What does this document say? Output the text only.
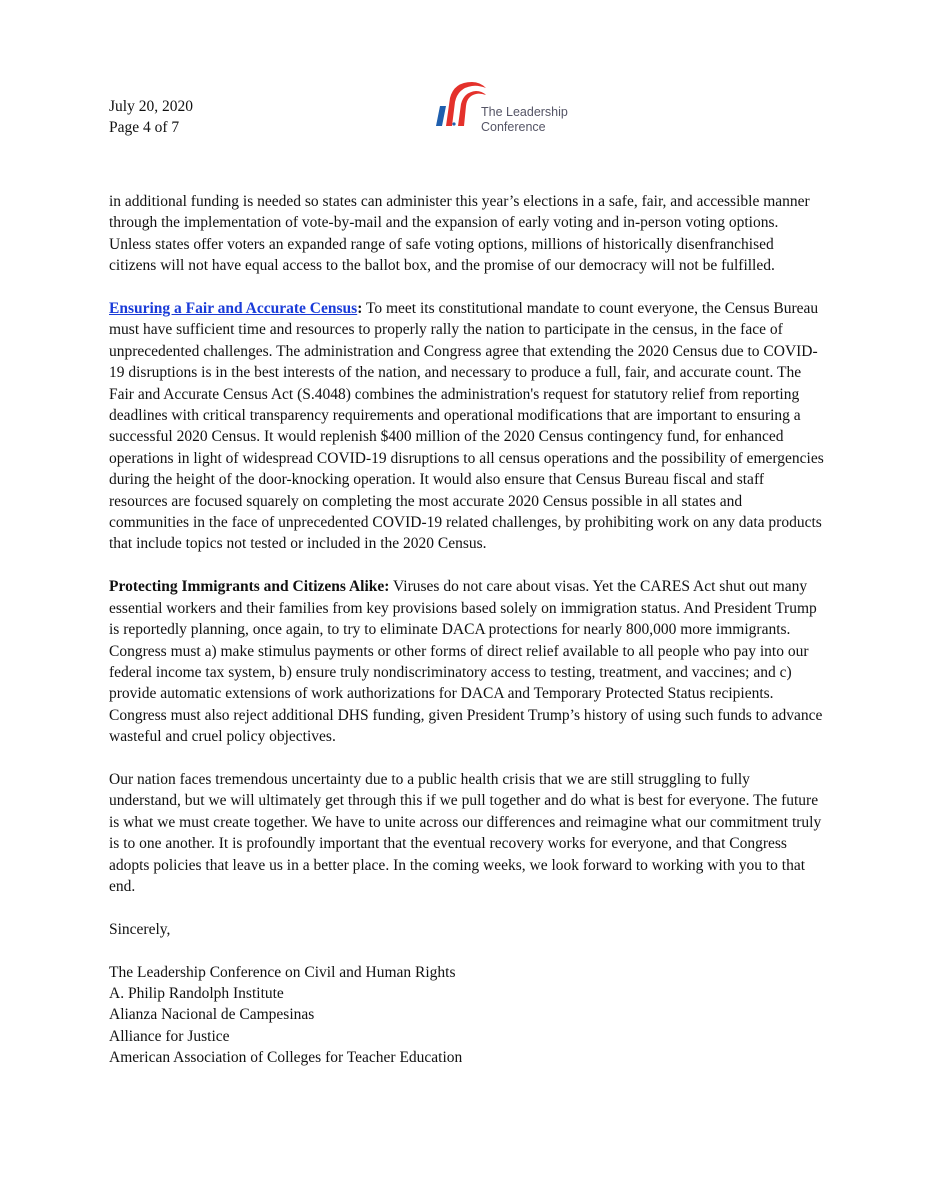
July 20, 2020
Page 4 of 7
The Leadership
Conference

in additional funding is needed so states can administer this year’s elections in a safe, fair, and accessible manner through the implementation of vote-by-mail and the expansion of early voting and in-person voting options. Unless states offer voters an expanded range of safe voting options, millions of historically disenfranchised citizens will not have equal access to the ballot box, and the promise of our democracy will not be fulfilled.

Ensuring a Fair and Accurate Census: To meet its constitutional mandate to count everyone, the Census Bureau must have sufficient time and resources to properly rally the nation to participate in the census, in the face of unprecedented challenges. The administration and Congress agree that extending the 2020 Census due to COVID-19 disruptions is in the best interests of the nation, and necessary to produce a full, fair, and accurate count. The Fair and Accurate Census Act (S.4048) combines the administration's request for statutory relief from reporting deadlines with critical transparency requirements and operational modifications that are important to ensuring a successful 2020 Census. It would replenish $400 million of the 2020 Census contingency fund, for enhanced operations in light of widespread COVID-19 disruptions to all census operations and the possibility of emergencies during the height of the door-knocking operation. It would also ensure that Census Bureau fiscal and staff resources are focused squarely on completing the most accurate 2020 Census possible in all states and communities in the face of unprecedented COVID-19 related challenges, by prohibiting work on any data products that include topics not tested or included in the 2020 Census.

Protecting Immigrants and Citizens Alike: Viruses do not care about visas. Yet the CARES Act shut out many essential workers and their families from key provisions based solely on immigration status. And President Trump is reportedly planning, once again, to try to eliminate DACA protections for nearly 800,000 more immigrants. Congress must a) make stimulus payments or other forms of direct relief available to all people who pay into our federal income tax system, b) ensure truly nondiscriminatory access to testing, treatment, and vaccines; and c) provide automatic extensions of work authorizations for DACA and Temporary Protected Status recipients. Congress must also reject additional DHS funding, given President Trump’s history of using such funds to advance wasteful and cruel policy objectives.

Our nation faces tremendous uncertainty due to a public health crisis that we are still struggling to fully understand, but we will ultimately get through this if we pull together and do what is best for everyone. The future is what we must create together. We have to unite across our differences and reimagine what our commitment truly is to one another. It is profoundly important that the eventual recovery works for everyone, and that Congress adopts policies that leave us in a better place. In the coming weeks, we look forward to working with you to that end.

Sincerely,
The Leadership Conference on Civil and Human Rights
A. Philip Randolph Institute
Alianza Nacional de Campesinas
Alliance for Justice
American Association of Colleges for Teacher Education
